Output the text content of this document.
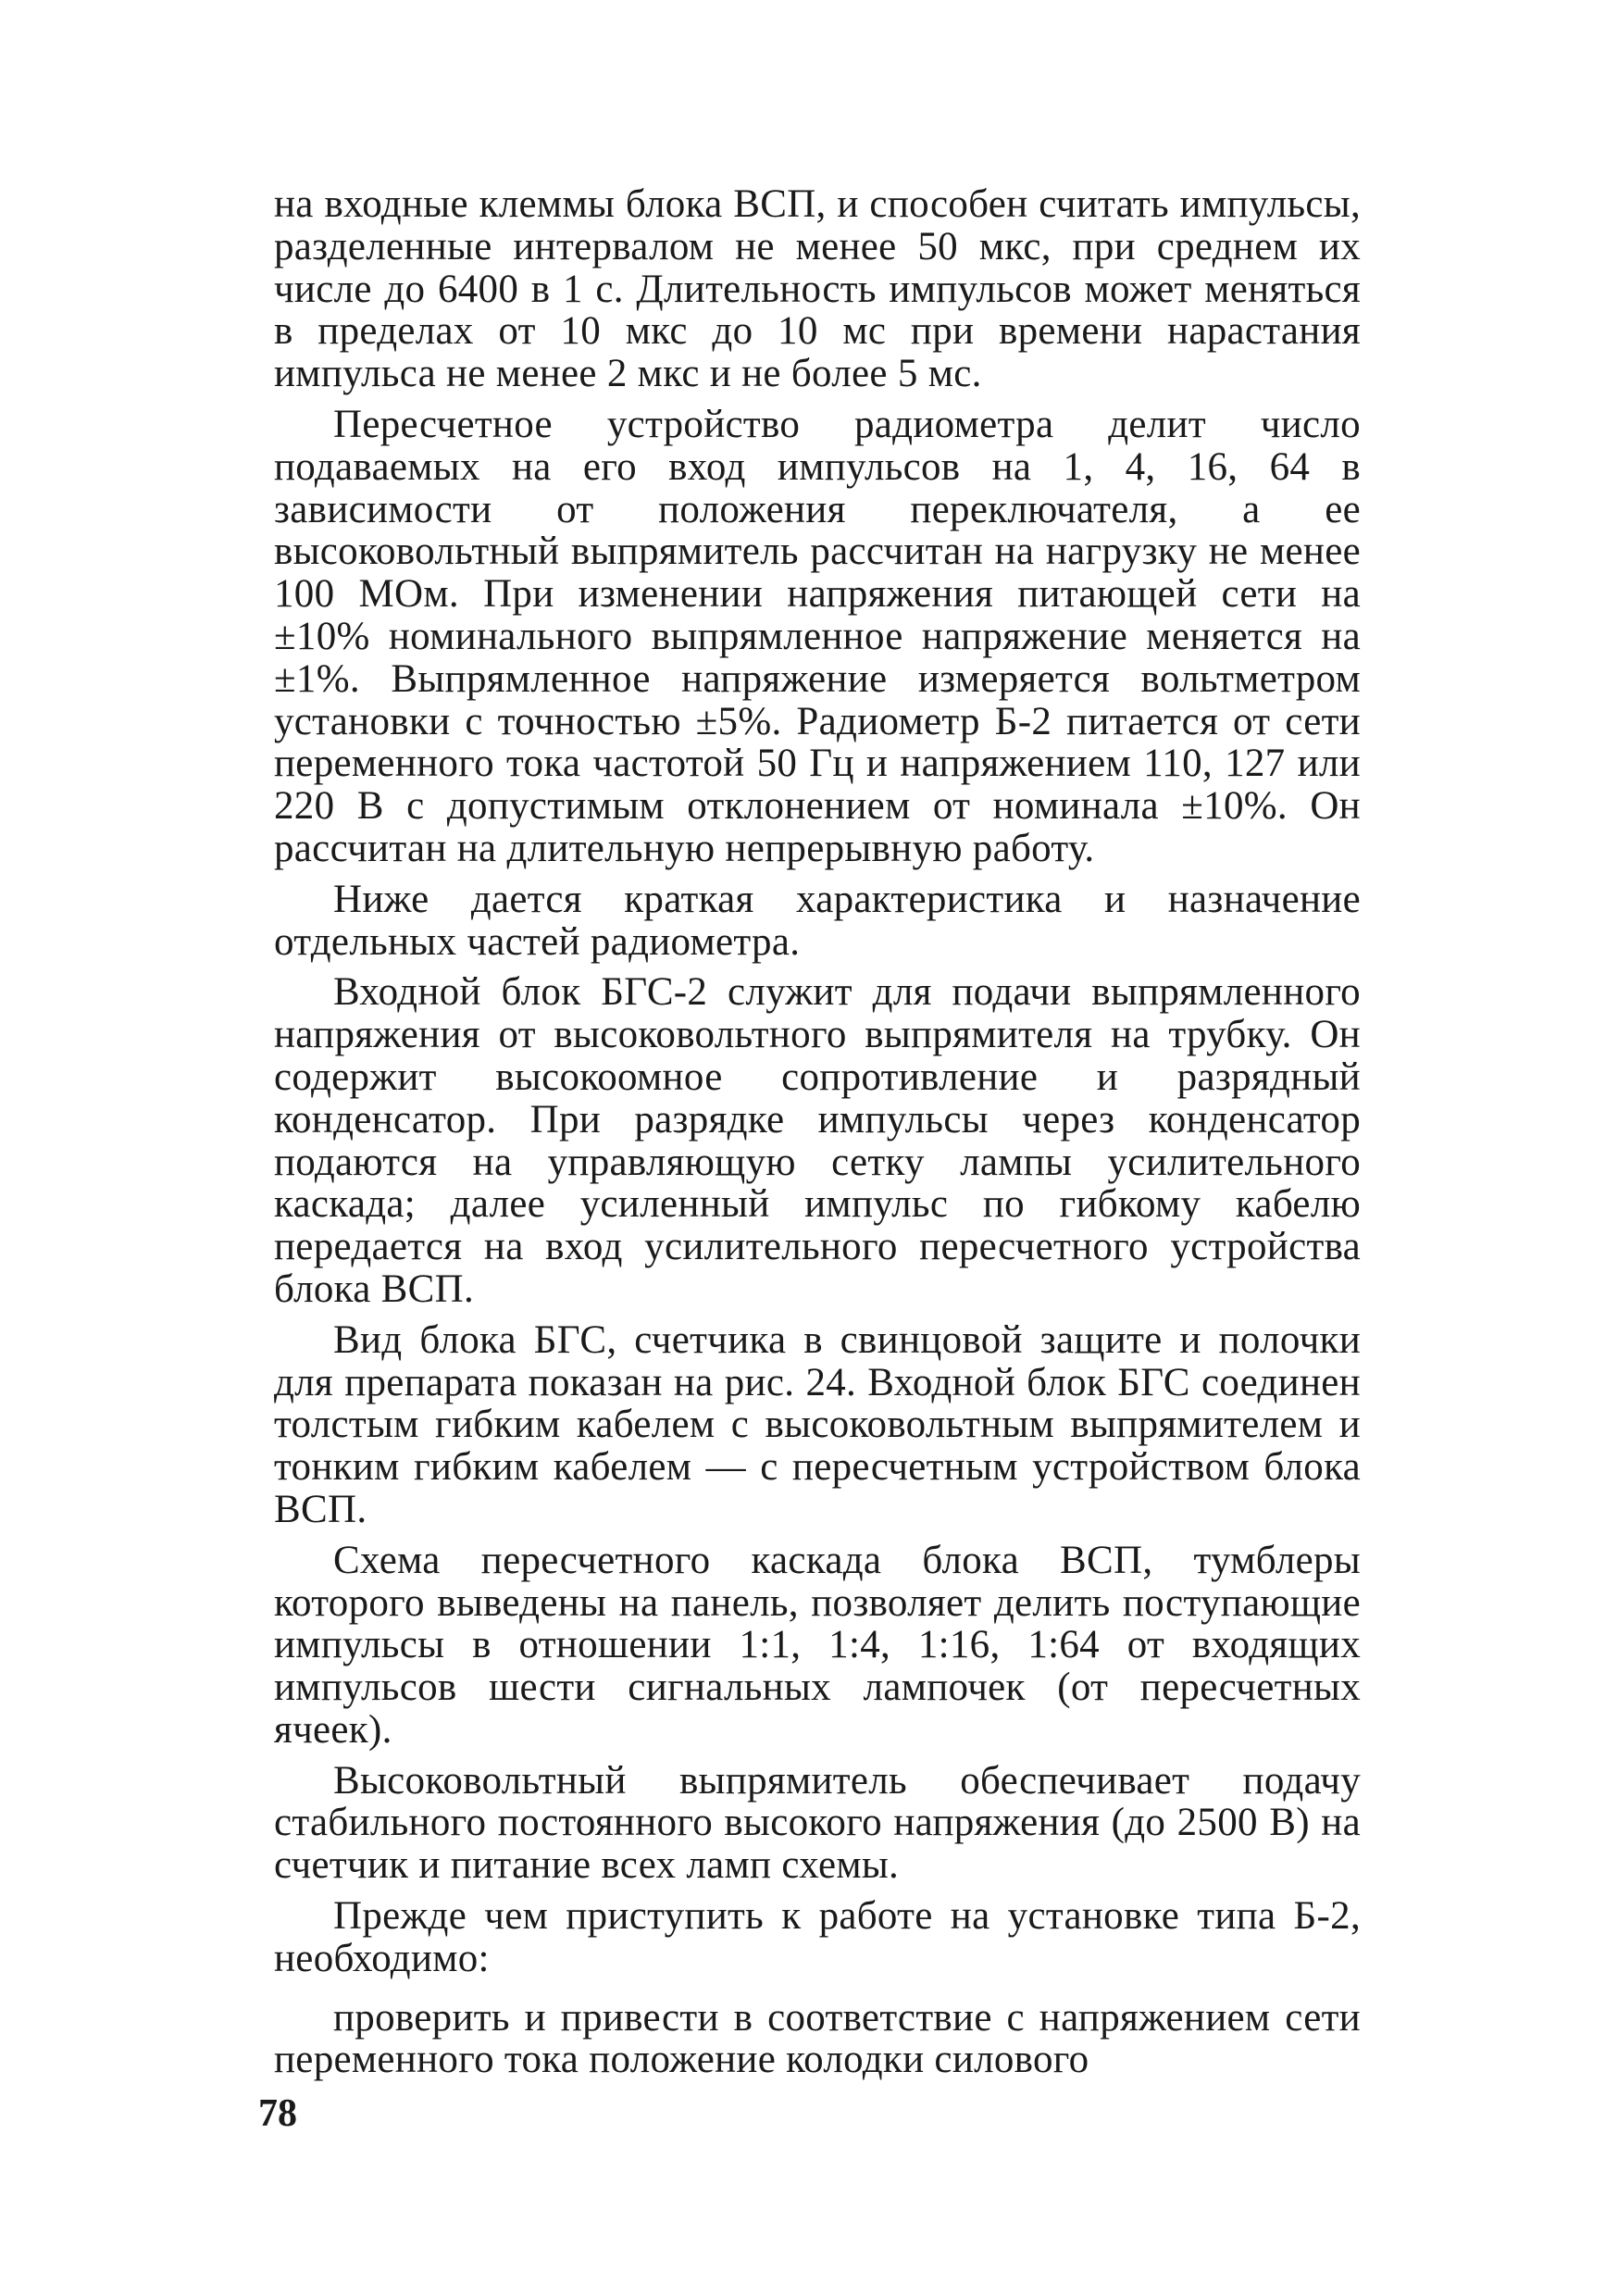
на входные клеммы блока ВСП, и способен считать импульсы, разделенные интервалом не менее 50 мкс, при среднем их числе до 6400 в 1 с. Длительность импульсов может меняться в пределах от 10 мкс до 10 мс при времени нарастания импульса не менее 2 мкс и не более 5 мс.

Пересчетное устройство радиометра делит число подаваемых на его вход импульсов на 1, 4, 16, 64 в зависимости от положения переключателя, а ее высоковольтный выпрямитель рассчитан на нагрузку не менее 100 МОм. При изменении напряжения питающей сети на ±10% номинального выпрямленное напряжение меняется на ±1%. Выпрямленное напряжение измеряется вольтметром установки с точностью ±5%. Радиометр Б-2 питается от сети переменного тока частотой 50 Гц и напряжением 110, 127 или 220 В с допустимым отклонением от номинала ±10%. Он рассчитан на длительную непрерывную работу.

Ниже дается краткая характеристика и назначение отдельных частей радиометра.

Входной блок БГС-2 служит для подачи выпрямленного напряжения от высоковольтного выпрямителя на трубку. Он содержит высокоомное сопротивление и разрядный конденсатор. При разрядке импульсы через конденсатор подаются на управляющую сетку лампы усилительного каскада; далее усиленный импульс по гибкому кабелю передается на вход усилительного пересчетного устройства блока ВСП.

Вид блока БГС, счетчика в свинцовой защите и полочки для препарата показан на рис. 24. Входной блок БГС соединен толстым гибким кабелем с высоковольтным выпрямителем и тонким гибким кабелем — с пересчетным устройством блока ВСП.

Схема пересчетного каскада блока ВСП, тумблеры которого выведены на панель, позволяет делить поступающие импульсы в отношении 1:1, 1:4, 1:16, 1:64 от входящих импульсов шести сигнальных лампочек (от пересчетных ячеек).

Высоковольтный выпрямитель обеспечивает подачу стабильного постоянного высокого напряжения (до 2500 В) на счетчик и питание всех ламп схемы.

Прежде чем приступить к работе на установке типа Б-2, необходимо:

проверить и привести в соответствие с напряжением сети переменного тока положение колодки силового

78
